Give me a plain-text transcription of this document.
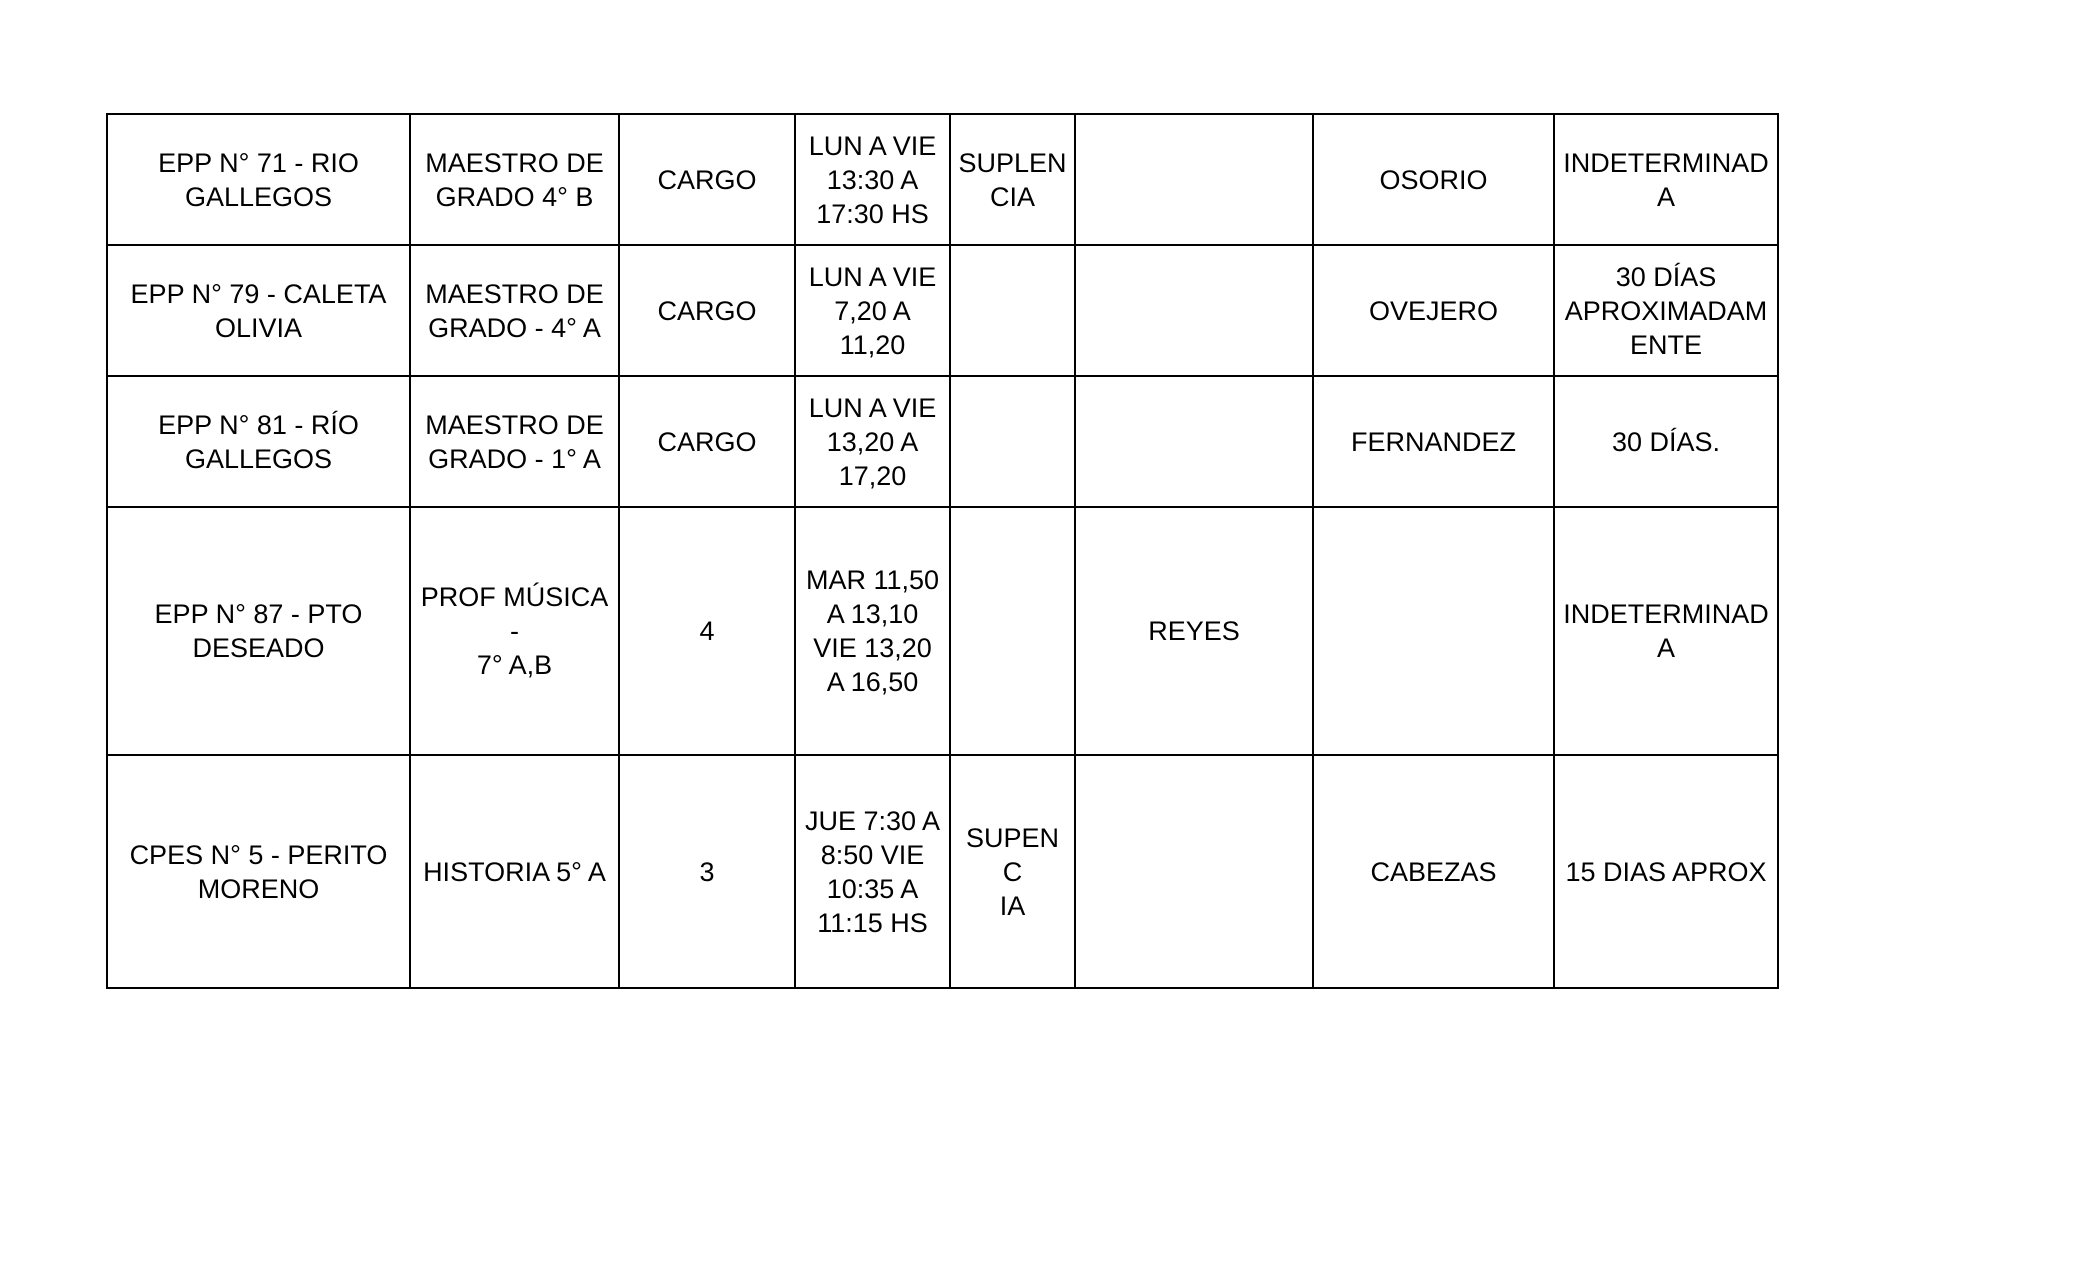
EPP N° 71 - RIO
GALLEGOS	MAESTRO DE
GRADO 4° B	CARGO	LUN A VIE
13:30 A
17:30 HS	SUPLEN
CIA		OSORIO	INDETERMINAD
A
EPP N° 79 - CALETA
OLIVIA	MAESTRO DE
GRADO - 4° A	CARGO	LUN A VIE
7,20 A
11,20			OVEJERO	30 DÍAS
APROXIMADAM
ENTE
EPP N° 81 - RÍO
GALLEGOS	MAESTRO DE
GRADO - 1° A	CARGO	LUN A VIE
13,20 A
17,20			FERNANDEZ	30 DÍAS.
EPP N° 87 - PTO
DESEADO	PROF MÚSICA -
7° A,B	4	MAR 11,50
A 13,10
VIE 13,20
A 16,50		REYES		INDETERMINAD
A
CPES N° 5 - PERITO
MORENO	HISTORIA 5° A	3	JUE 7:30 A
8:50 VIE
10:35 A
11:15 HS	SUPENC
IA		CABEZAS	15 DIAS APROX
